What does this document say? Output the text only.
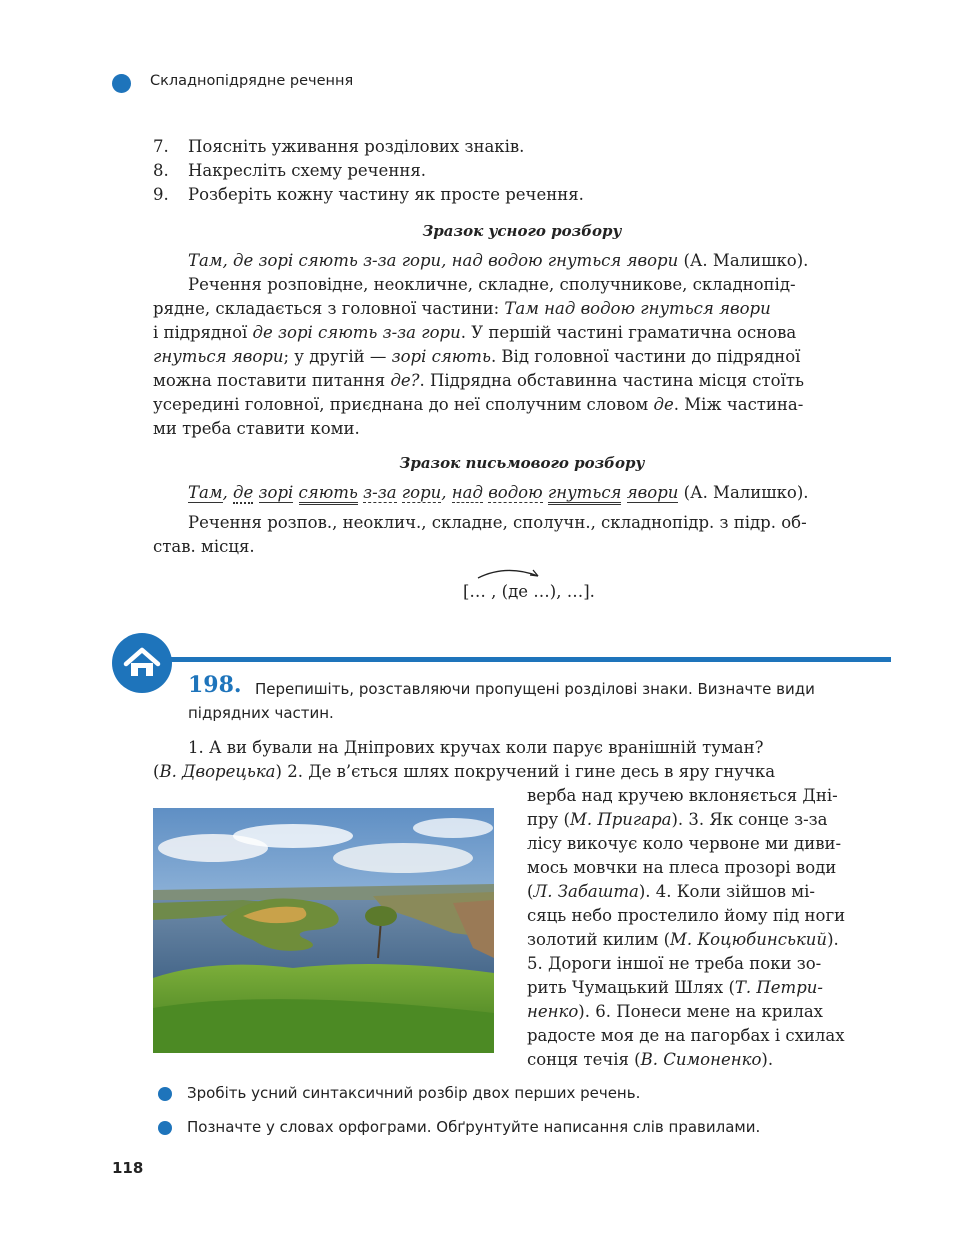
Складнопідрядне речення
7. Поясніть уживання розділових знаків.
8. Накресліть схему речення.
9. Розберіть кожну частину як просте речення.
Зразок усного розбору
Там, де зорі сяють з-за гори, над водою гнуться явори (А. Малишко).
Речення розповідне, неокличне, складне, сполучникове, складнопід-
рядне, складається з головної частини: Там над водою гнуться явори
і підрядної де зорі сяють з-за гори. У першій частині граматична основа
гнуться явори; у другій — зорі сяють. Від головної частини до підрядної
можна поставити питання де?. Підрядна обставинна частина місця стоїть
усередині головної, приєднана до неї сполучним словом де. Між частина-
ми треба ставити коми.
Зразок письмового розбору
Там, де зорі сяють з-за гори, над водою гнуться явори (А. Малишко).
Речення розпов., неоклич., складне, сполучн., складнопідр. з підр. об-
став. місця.
[… , (де …), …].
198. Перепишіть, розставляючи пропущені розділові знаки. Визначте види
підрядних частин.
1. А ви бували на Дніпрових кручах коли парує вранішній туман?
(В. Дворецька) 2. Де в’ється шлях покручений і гине десь в яру гнучка
верба над кручею вклоняється Дні-
пру (М. Пригара). 3. Як сонце з-за
лісу викочує коло червоне ми диви-
мось мовчки на плеса прозорі води
(Л. Забашта). 4. Коли зійшов мі-
сяць небо простелило йому під ноги
золотий килим (М. Коцюбинський).
5. Дороги іншої не треба поки зо-
рить Чумацький Шлях (Т. Петри-
ненко). 6. Понеси мене на крилах
радосте моя де на пагорбах і схилах
сонця течія (В. Симоненко).
Зробіть усний синтаксичний розбір двох перших речень.
Позначте у словах орфограми. Обґрунтуйте написання слів правилами.
118
